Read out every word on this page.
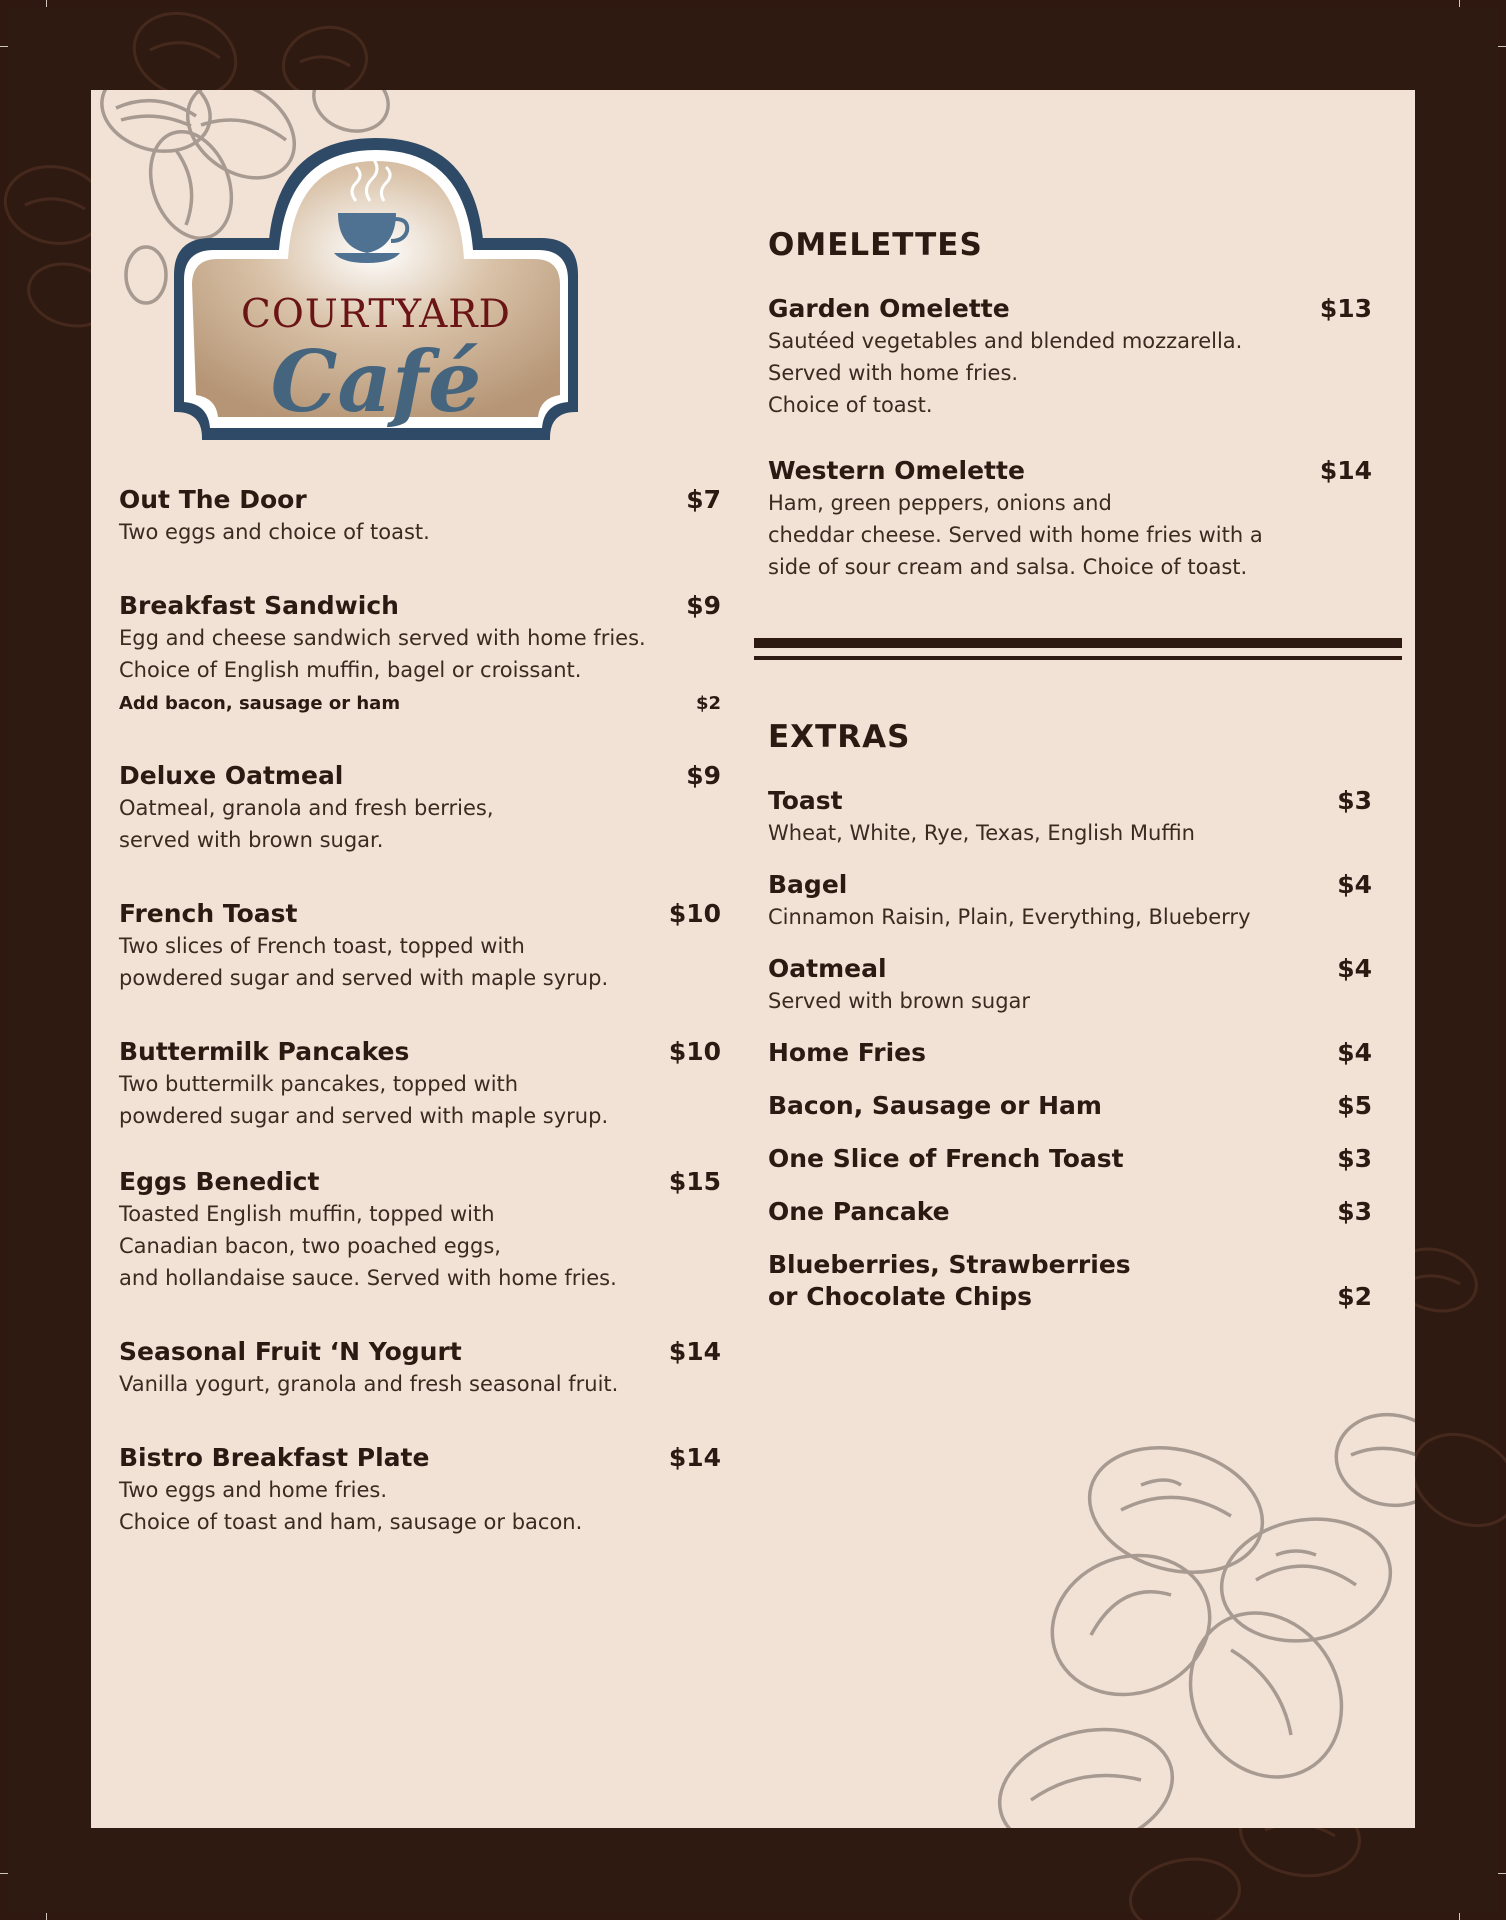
COURTYARD
Café
Out The Door	$7
Two eggs and choice of toast.
Breakfast Sandwich	$9
Egg and cheese sandwich served with home fries.
Choice of English muffin, bagel or croissant.
Add bacon, sausage or ham	$2
Deluxe Oatmeal	$9
Oatmeal, granola and fresh berries,
served with brown sugar.
French Toast	$10
Two slices of French toast, topped with
powdered sugar and served with maple syrup.
Buttermilk Pancakes	$10
Two buttermilk pancakes, topped with
powdered sugar and served with maple syrup.
Eggs Benedict	$15
Toasted English muffin, topped with
Canadian bacon, two poached eggs,
and hollandaise sauce. Served with home fries.
Seasonal Fruit ‘N Yogurt	$14
Vanilla yogurt, granola and fresh seasonal fruit.
Bistro Breakfast Plate	$14
Two eggs and home fries.
Choice of toast and ham, sausage or bacon.
OMELETTES
Garden Omelette	$13
Sautéed vegetables and blended mozzarella.
Served with home fries.
Choice of toast.
Western Omelette	$14
Ham, green peppers, onions and
cheddar cheese. Served with home fries with a
side of sour cream and salsa. Choice of toast.
EXTRAS
Toast	$3
Wheat, White, Rye, Texas, English Muffin
Bagel	$4
Cinnamon Raisin, Plain, Everything, Blueberry
Oatmeal	$4
Served with brown sugar
Home Fries	$4
Bacon, Sausage or Ham	$5
One Slice of French Toast	$3
One Pancake	$3
Blueberries, Strawberries
or Chocolate Chips	$2
